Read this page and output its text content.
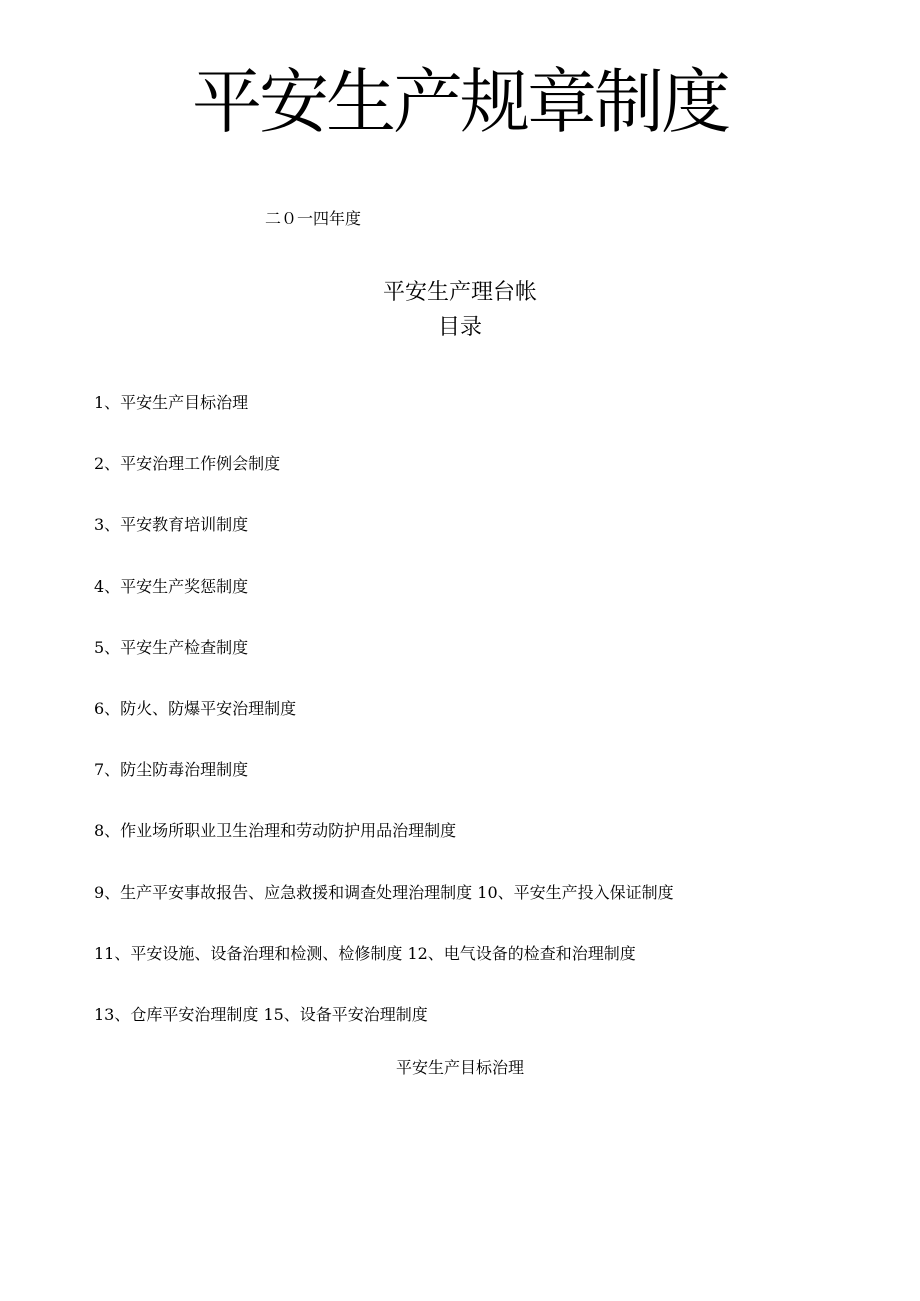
平安生产规章制度
二０一四年度
平安生产理台帐
目录
1、平安生产目标治理
2、平安治理工作例会制度
3、平安教育培训制度
4、平安生产奖惩制度
5、平安生产检查制度
6、防火、防爆平安治理制度
7、防尘防毒治理制度
8、作业场所职业卫生治理和劳动防护用品治理制度
9、生产平安事故报告、应急救援和调查处理治理制度 10、平安生产投入保证制度
11、平安设施、设备治理和检测、检修制度 12、电气设备的检查和治理制度
13、仓库平安治理制度 15、设备平安治理制度
平安生产目标治理
